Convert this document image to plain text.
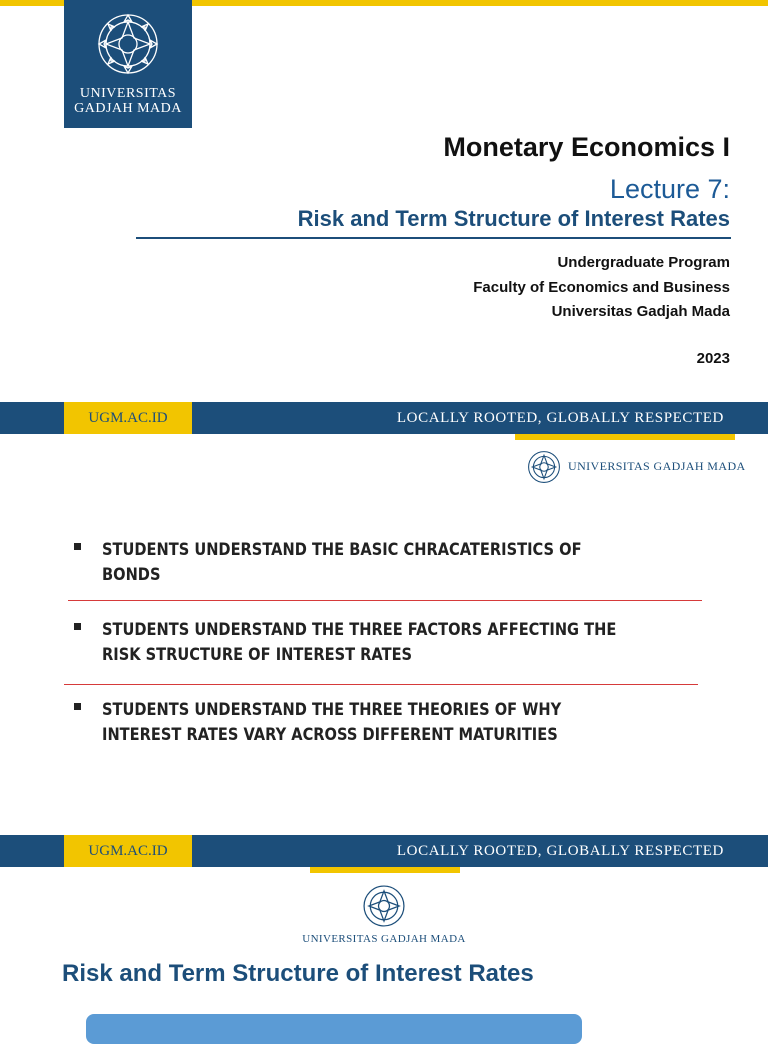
UNIVERSITAS
GADJAH MADA
Monetary Economics I
Lecture 7:
Risk and Term Structure of Interest Rates
Undergraduate Program
Faculty of Economics and Business
Universitas Gadjah Mada
2023
UGM.AC.ID	LOCALLY ROOTED, GLOBALLY RESPECTED
UNIVERSITAS GADJAH MADA
STUDENTS UNDERSTAND THE BASIC CHRACATERISTICS OF
BONDS
STUDENTS UNDERSTAND THE THREE FACTORS AFFECTING THE
RISK STRUCTURE OF INTEREST RATES
STUDENTS UNDERSTAND THE THREE THEORIES OF WHY
INTEREST RATES VARY ACROSS DIFFERENT MATURITIES
UGM.AC.ID	LOCALLY ROOTED, GLOBALLY RESPECTED
UNIVERSITAS GADJAH MADA
Risk and Term Structure of Interest Rates
